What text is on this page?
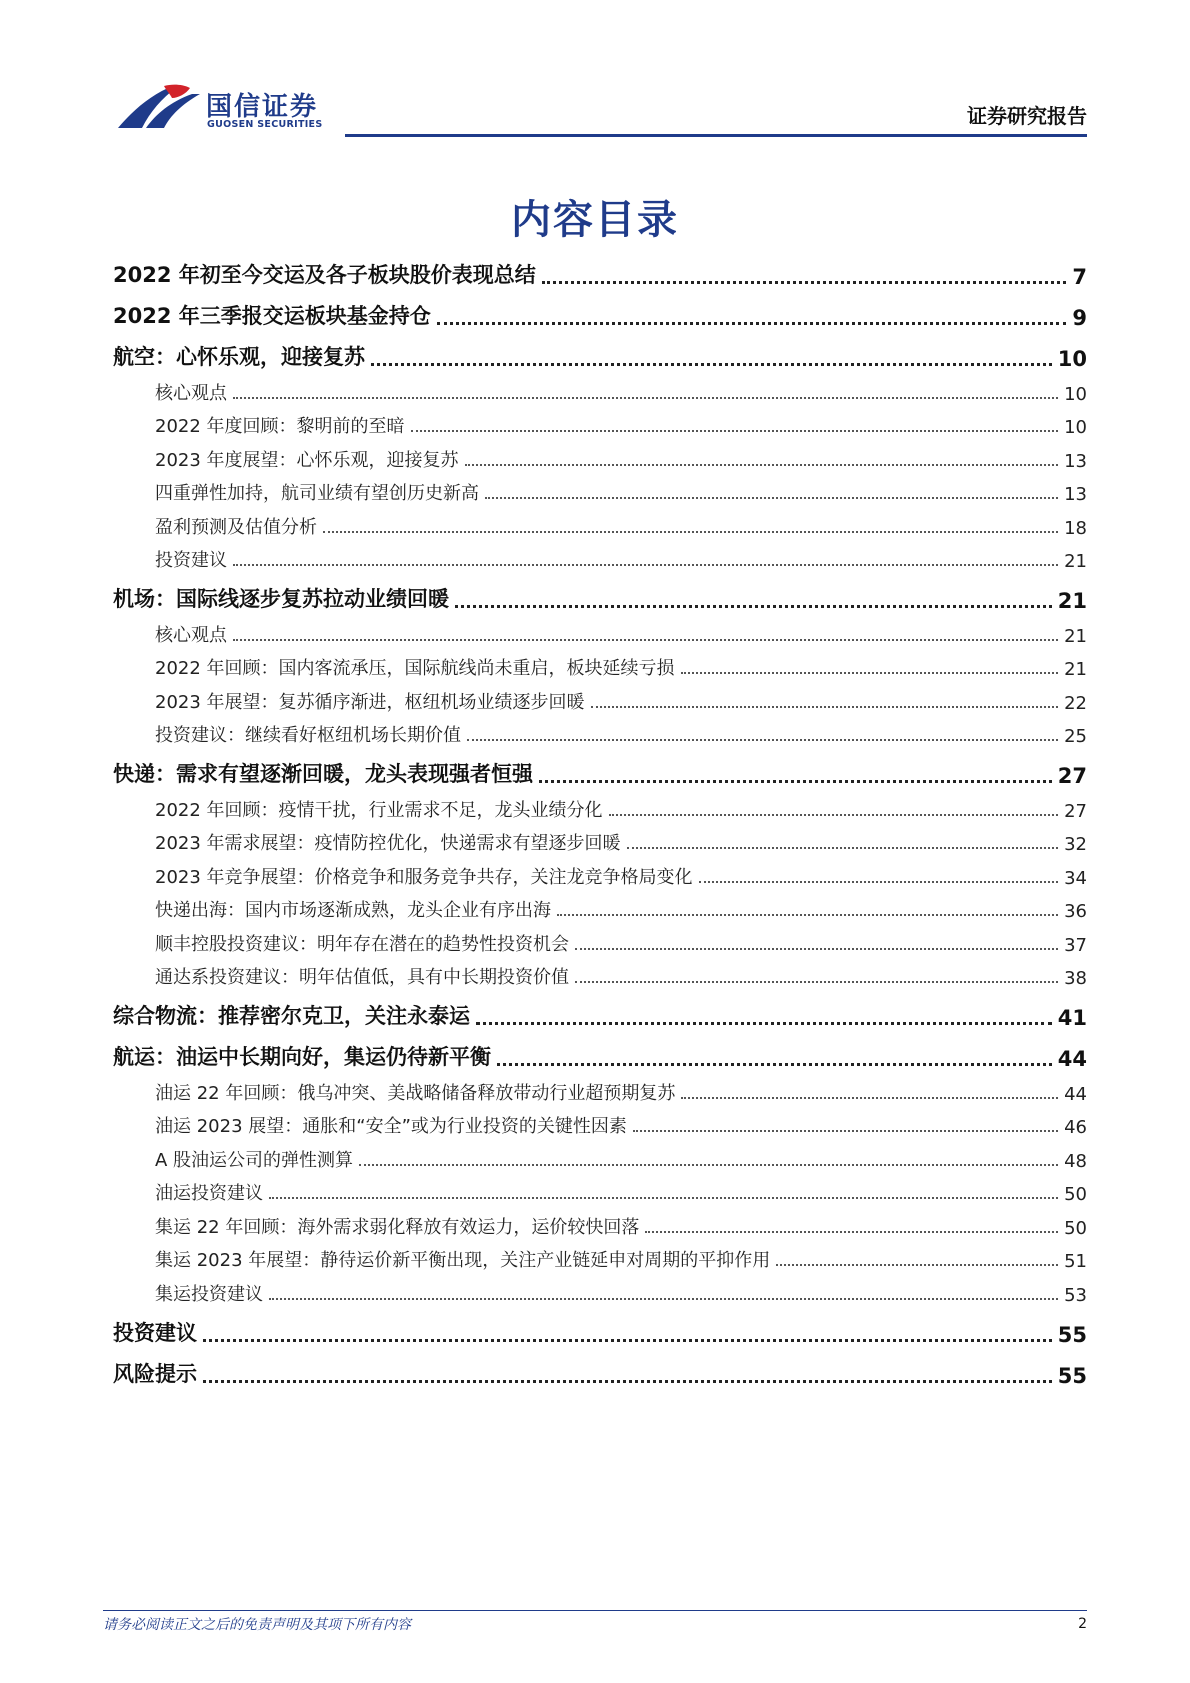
国信证券
GUOSEN SECURITIES	证券研究报告
内容目录
2022 年初至今交运及各子板块股价表现总结	7
2022 年三季报交运板块基金持仓	9
航空：心怀乐观，迎接复苏	10
核心观点	10
2022 年度回顾：黎明前的至暗	10
2023 年度展望：心怀乐观，迎接复苏	13
四重弹性加持，航司业绩有望创历史新高	13
盈利预测及估值分析	18
投资建议	21
机场：国际线逐步复苏拉动业绩回暖	21
核心观点	21
2022 年回顾：国内客流承压，国际航线尚未重启，板块延续亏损	21
2023 年展望：复苏循序渐进，枢纽机场业绩逐步回暖	22
投资建议：继续看好枢纽机场长期价值	25
快递：需求有望逐渐回暖，龙头表现强者恒强	27
2022 年回顾：疫情干扰，行业需求不足，龙头业绩分化	27
2023 年需求展望：疫情防控优化，快递需求有望逐步回暖	32
2023 年竞争展望：价格竞争和服务竞争共存，关注龙竞争格局变化	34
快递出海：国内市场逐渐成熟，龙头企业有序出海	36
顺丰控股投资建议：明年存在潜在的趋势性投资机会	37
通达系投资建议：明年估值低，具有中长期投资价值	38
综合物流：推荐密尔克卫，关注永泰运	41
航运：油运中长期向好，集运仍待新平衡	44
油运 22 年回顾：俄乌冲突、美战略储备释放带动行业超预期复苏	44
油运 2023 展望：通胀和“安全”或为行业投资的关键性因素	46
A 股油运公司的弹性测算	48
油运投资建议	50
集运 22 年回顾：海外需求弱化释放有效运力，运价较快回落	50
集运 2023 年展望：静待运价新平衡出现，关注产业链延申对周期的平抑作用	51
集运投资建议	53
投资建议	55
风险提示	55
请务必阅读正文之后的免责声明及其项下所有内容	2
